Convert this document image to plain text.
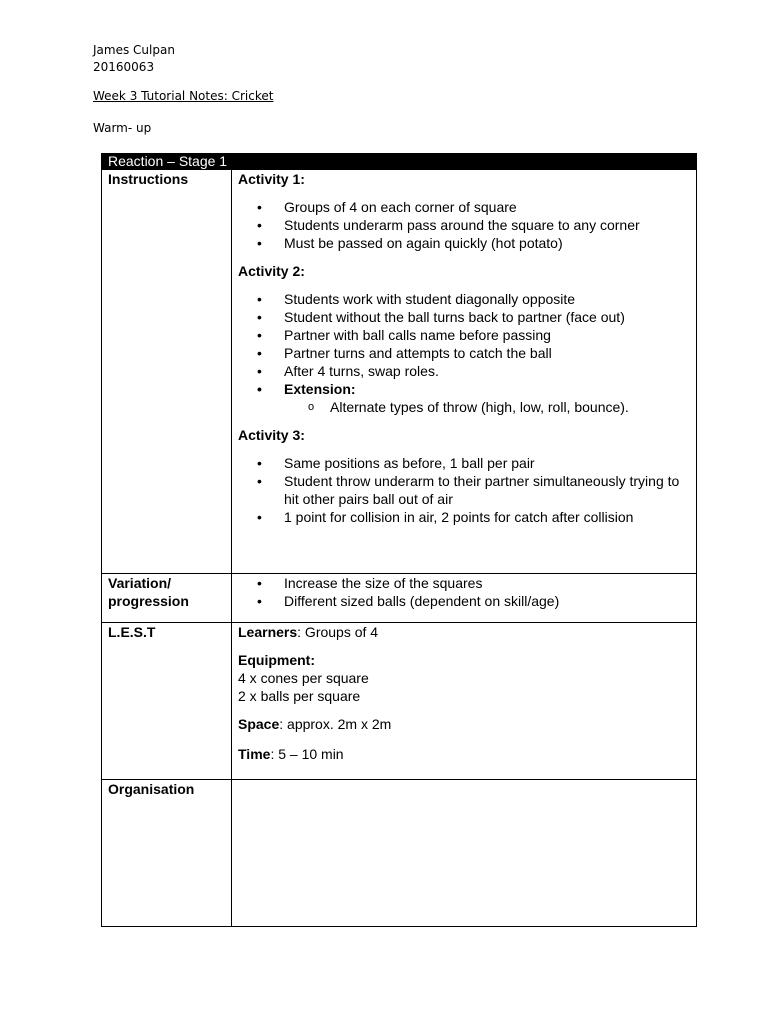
James Culpan
20160063
Week 3 Tutorial Notes: Cricket
Warm- up
Reaction – Stage 1
Instructions	Activity 1:
• Groups of 4 on each corner of square
• Students underarm pass around the square to any corner
• Must be passed on again quickly (hot potato)
Activity 2:
• Students work with student diagonally opposite
• Student without the ball turns back to partner (face out)
• Partner with ball calls name before passing
• Partner turns and attempts to catch the ball
• After 4 turns, swap roles.
• Extension:
o Alternate types of throw (high, low, roll, bounce).
Activity 3:
• Same positions as before, 1 ball per pair
• Student throw underarm to their partner simultaneously trying to hit other pairs ball out of air
• 1 point for collision in air, 2 points for catch after collision
Variation/ progression
• Increase the size of the squares
• Different sized balls (dependent on skill/age)
L.E.S.T	Learners: Groups of 4
Equipment:
4 x cones per square
2 x balls per square
Space: approx. 2m x 2m
Time: 5 – 10 min
Organisation
